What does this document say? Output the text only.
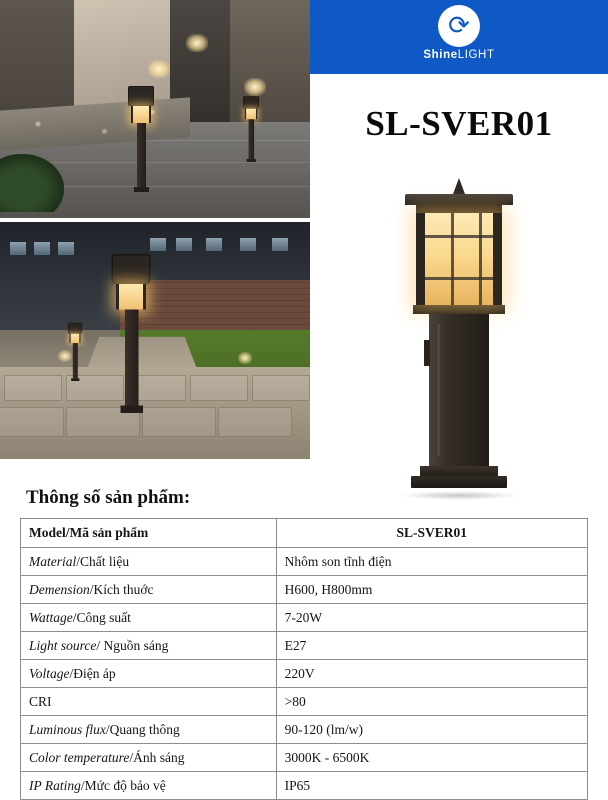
⟳
ShineLIGHT
SL-SVER01
Thông số sản phẩm:
Model/Mã sản phẩm	SL-SVER01
Material/Chất liệu	Nhôm son tĩnh điện
Demension/Kích thuớc	H600, H800mm
Wattage/Công suất	7-20W
Light source/ Nguồn sáng	E27
Voltage/Điện áp	220V
CRI	>80
Luminous flux/Quang thông	90-120 (lm/w)
Color temperature/Ánh sáng	3000K - 6500K
IP Rating/Mức độ bảo vệ	IP65
